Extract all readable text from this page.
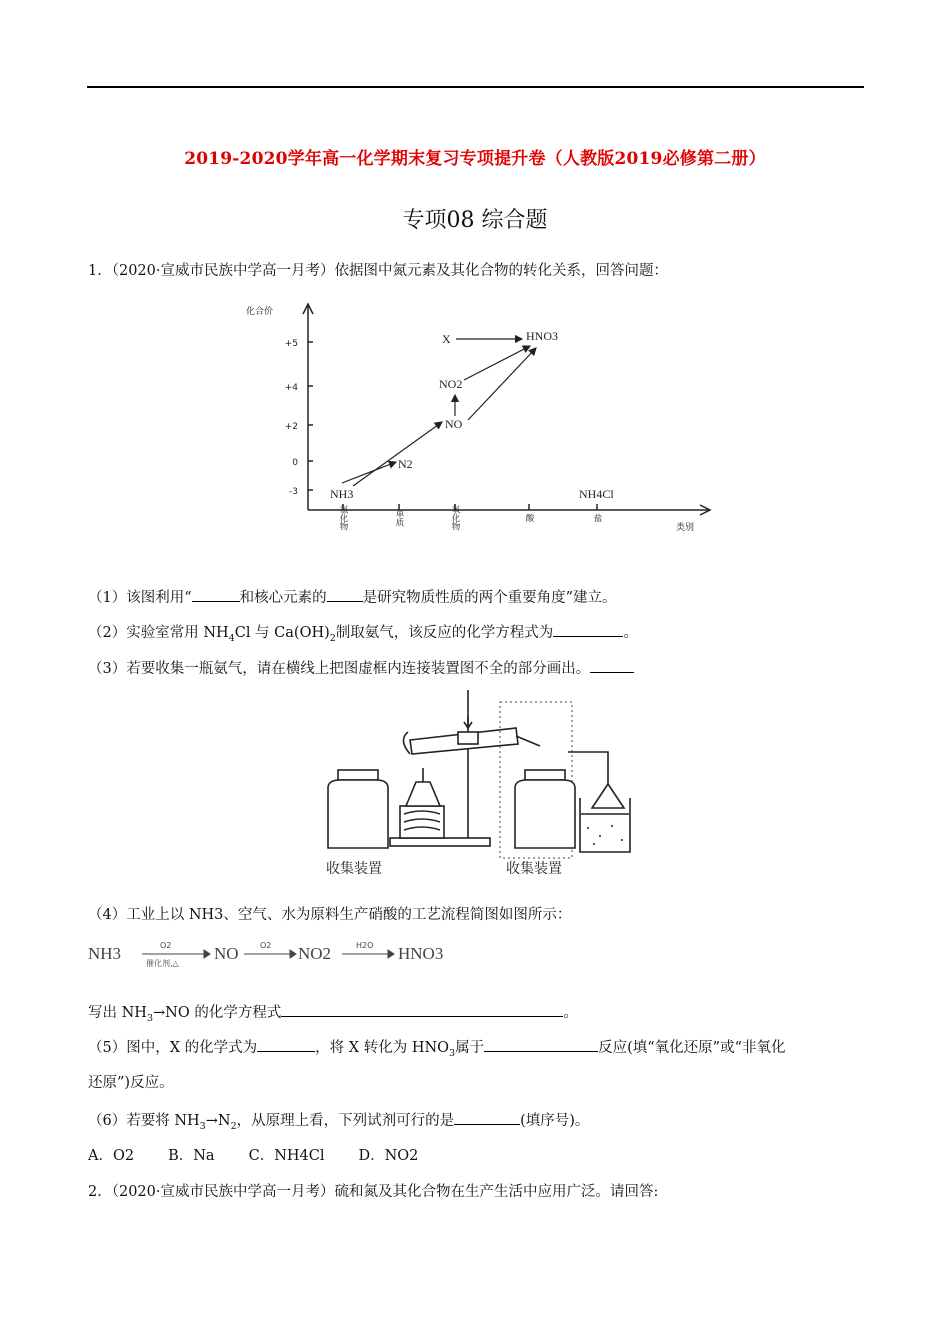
2019-2020学年高一化学期末复习专项提升卷（人教版2019必修第二册）
专项08 综合题
1．（2020·宣威市民族中学高一月考）依据图中氮元素及其化合物的转化关系，回答问题：
化合价
类别
+5
+4
+2
0
-3
氢化物	单质	氧化物	酸	盐
NH3
N2
NO
NO2
X	HNO3
NH4Cl
（1）该图利用“	和核心元素的 是研究物质性质的两个重要角度”建立。
（2）实验室常用 $NH_4Cl$ 与 $Ca(OH)_2$制取氨气，该反应的化学方程式为	。
（3）若要收集一瓶氨气，请在横线上把图虚框内连接装置图不全的部分画出。
收集装置	收集装置
（4）工业上以 NH3、空气、水为原料生产硝酸的工艺流程简图如图所示：
NH3	NO	NO2	HNO3
O2
催化剂,△
O2	H2O
写出 $NH_3\to NO$ 的化学方程式	。
（5）图中，X 的化学式为	，将 X 转化为 $HNO_3$属于	反应(填“氧化还原”或“非氧化
还原”)反应。
（6）若要将 $NH_3\to N_2$，从原理上看，下列试剂可行的是	(填序号)。
A．O2 B．Na C．NH4Cl D．NO2
2．（2020·宣威市民族中学高一月考）硫和氮及其化合物在生产生活中应用广泛。请回答:
